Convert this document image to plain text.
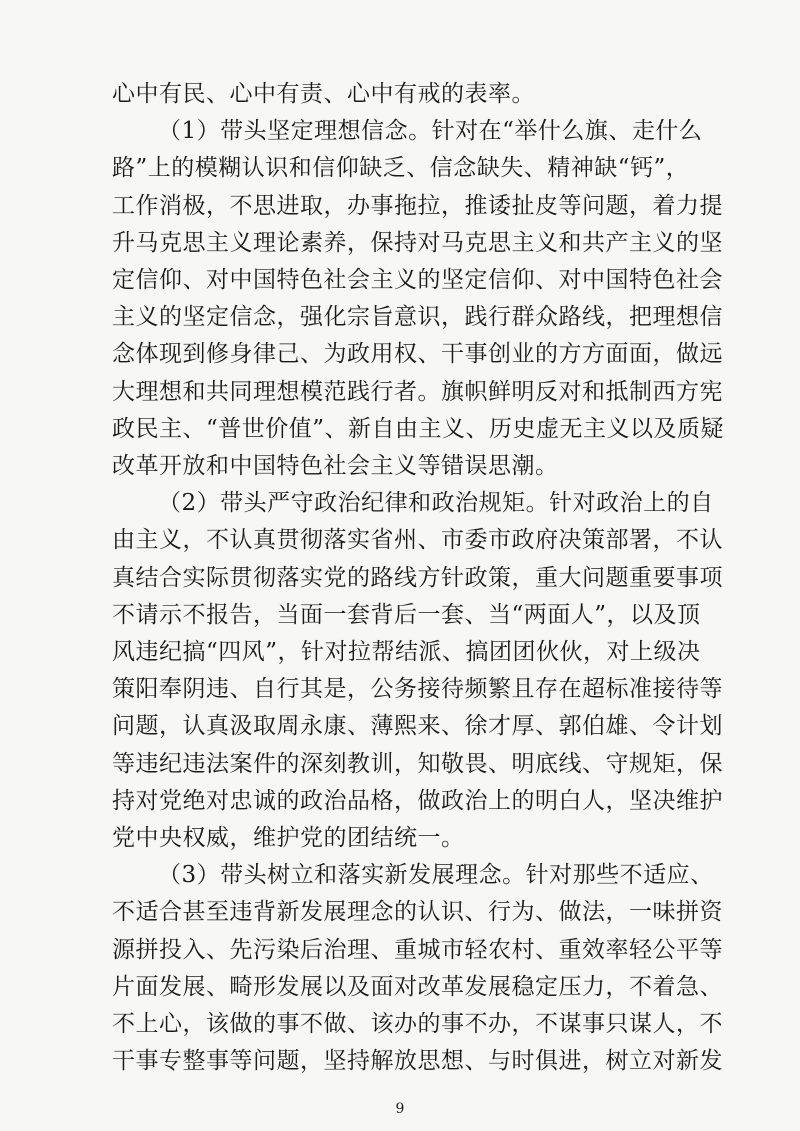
心中有民、心中有责、心中有戒的表率。
（1）带头坚定理想信念。针对在“举什么旗、走什么
路”上的模糊认识和信仰缺乏、信念缺失、精神缺“钙”，
工作消极，不思进取，办事拖拉，推诿扯皮等问题，着力提
升马克思主义理论素养，保持对马克思主义和共产主义的坚
定信仰、对中国特色社会主义的坚定信仰、对中国特色社会
主义的坚定信念，强化宗旨意识，践行群众路线，把理想信
念体现到修身律己、为政用权、干事创业的方方面面，做远
大理想和共同理想模范践行者。旗帜鲜明反对和抵制西方宪
政民主、“普世价值”、新自由主义、历史虚无主义以及质疑
改革开放和中国特色社会主义等错误思潮。
（2）带头严守政治纪律和政治规矩。针对政治上的自
由主义，不认真贯彻落实省州、市委市政府决策部署，不认
真结合实际贯彻落实党的路线方针政策，重大问题重要事项
不请示不报告，当面一套背后一套、当“两面人”，以及顶
风违纪搞“四风”，针对拉帮结派、搞团团伙伙，对上级决
策阳奉阴违、自行其是，公务接待频繁且存在超标准接待等
问题，认真汲取周永康、薄熙来、徐才厚、郭伯雄、令计划
等违纪违法案件的深刻教训，知敬畏、明底线、守规矩，保
持对党绝对忠诚的政治品格，做政治上的明白人，坚决维护
党中央权威，维护党的团结统一。
（3）带头树立和落实新发展理念。针对那些不适应、
不适合甚至违背新发展理念的认识、行为、做法，一味拼资
源拼投入、先污染后治理、重城市轻农村、重效率轻公平等
片面发展、畸形发展以及面对改革发展稳定压力，不着急、
不上心，该做的事不做、该办的事不办，不谋事只谋人，不
干事专整事等问题，坚持解放思想、与时俱进，树立对新发
9
